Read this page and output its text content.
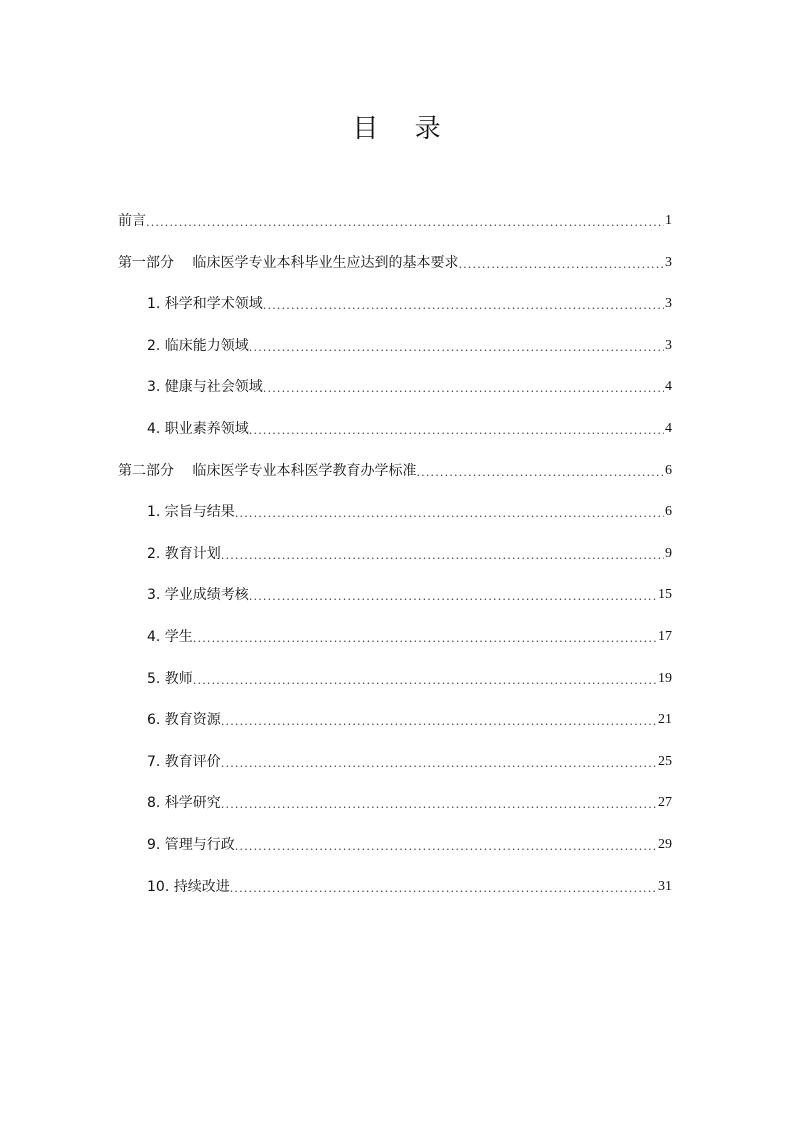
目 录
前言 .....	1
第一部分　 临床医学专业本科毕业生应达到的基本要求 .....	3
1. 科学和学术领域 .....	3
2. 临床能力领域 .....	3
3. 健康与社会领域 .....	4
4. 职业素养领域 .....	4
第二部分　 临床医学专业本科医学教育办学标准 .....	6
1. 宗旨与结果 .....	6
2. 教育计划 .....	9
3. 学业成绩考核 .....	15
4. 学生 .....	17
5. 教师 .....	19
6. 教育资源 .....	21
7. 教育评价 .....	25
8. 科学研究 .....	27
9. 管理与行政 .....	29
10. 持续改进 .....	31
